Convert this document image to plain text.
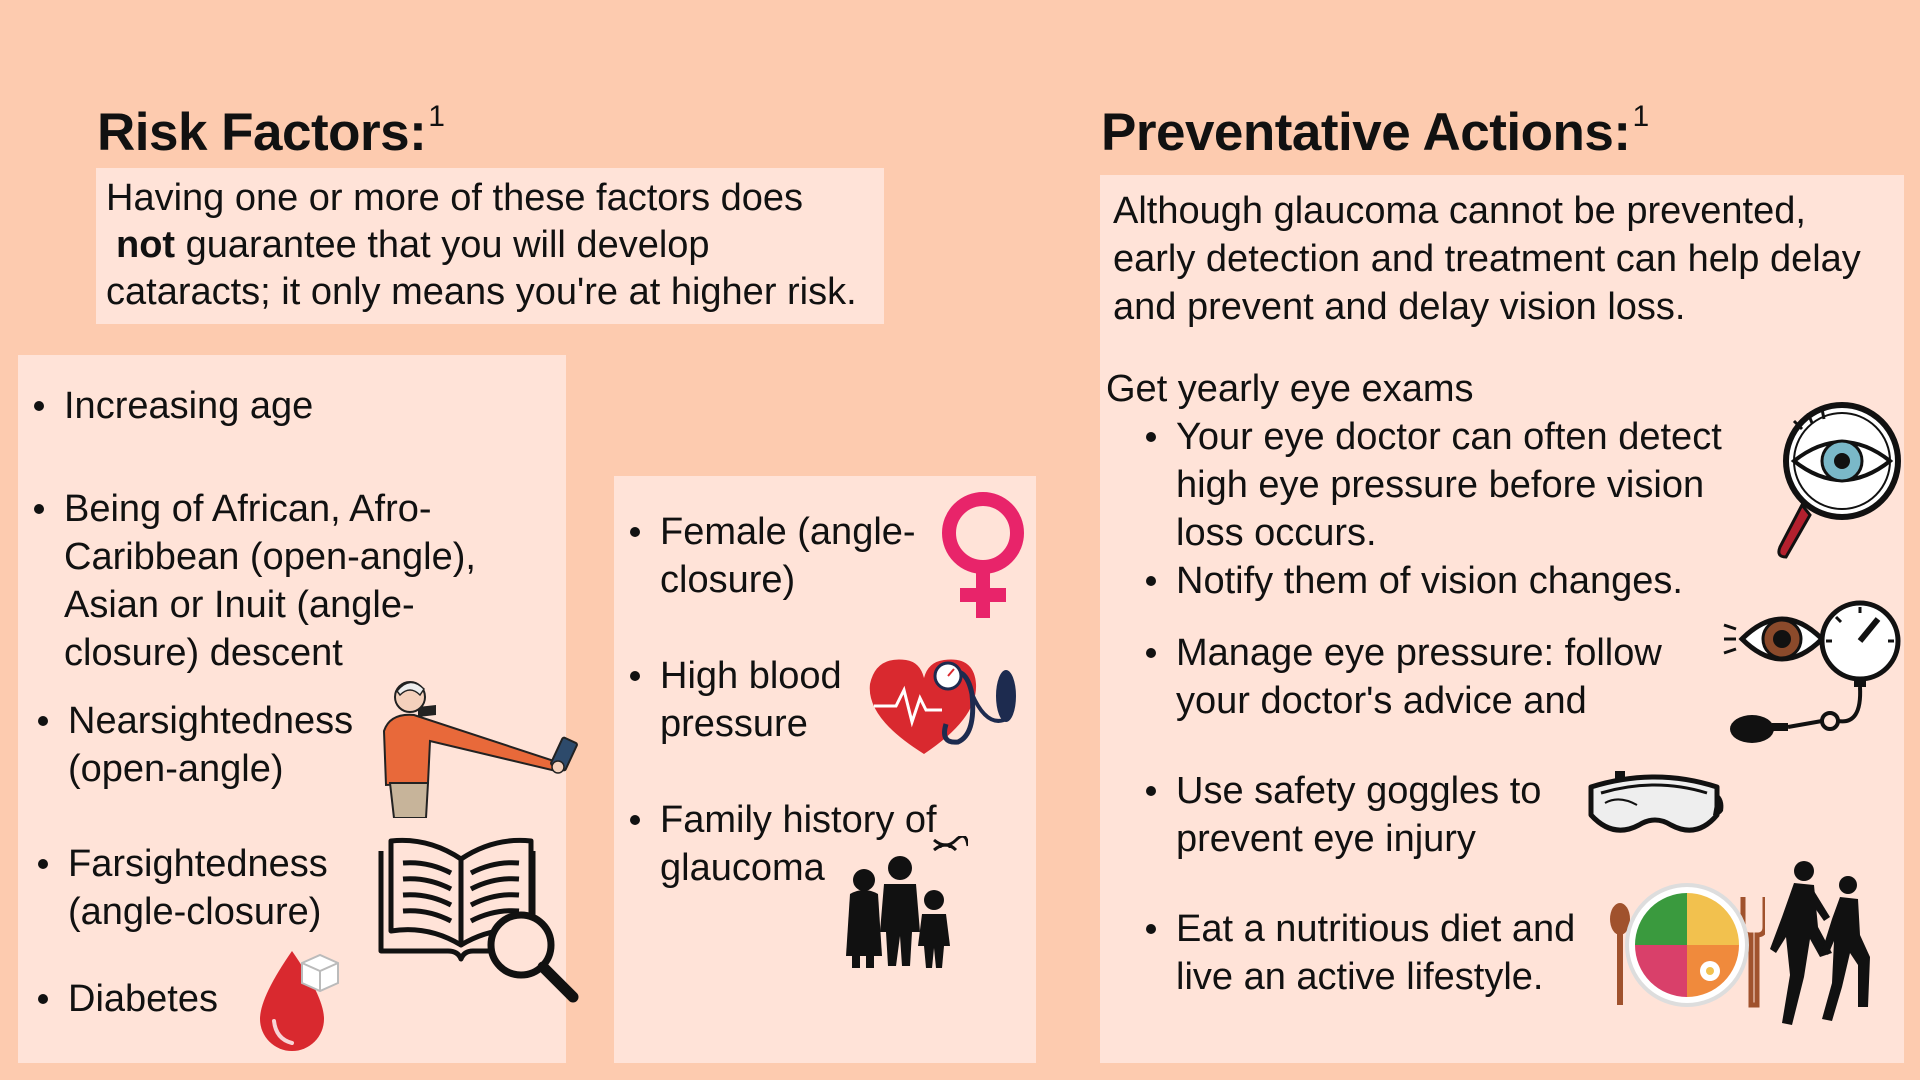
Risk Factors:$^1$
Having one or more of these factors does
not guarantee that you will develop
cataracts; it only means you're at higher risk.
Increasing age
Being of African, Afro-
Caribbean (open-angle),
Asian or Inuit (angle-
closure) descent
Nearsightedness
(open-angle)
Farsightedness
(angle-closure)
Diabetes
Female (angle-
closure)
High blood
pressure
Family history of
glaucoma
Preventative Actions:$^1$
Although glaucoma cannot be prevented,
early detection and treatment can help delay
and prevent and delay vision loss.
Get yearly eye exams
Your eye doctor can often detect
high eye pressure before vision
loss occurs.
Notify them of vision changes.
Manage eye pressure: follow
your doctor's advice and
Use safety goggles to
prevent eye injury
Eat a nutritious diet and
live an active lifestyle.
